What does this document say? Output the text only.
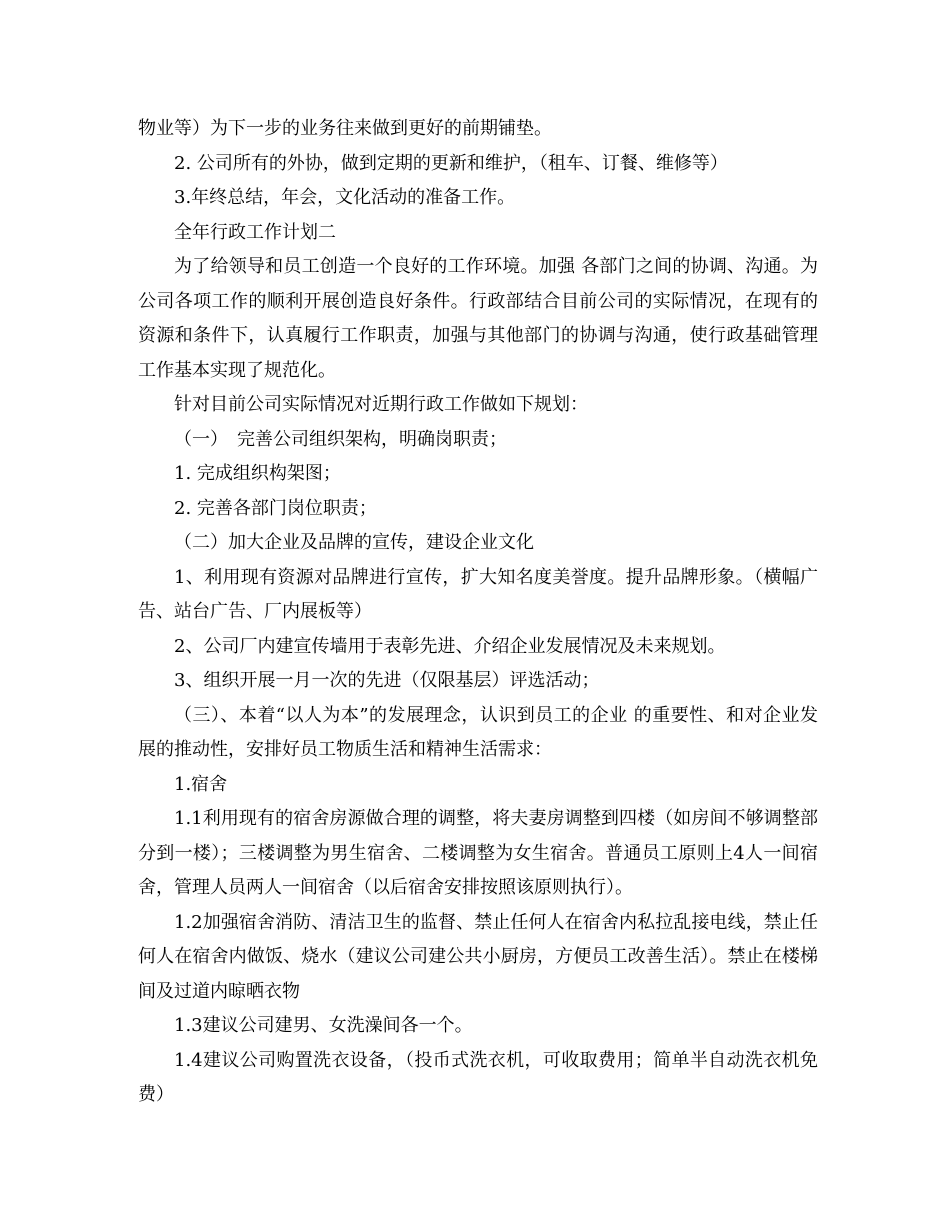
物业等）为下一步的业务往来做到更好的前期铺垫。

2. 公司所有的外协，做到定期的更新和维护，（租车、订餐、维修等）

3.年终总结，年会，文化活动的准备工作。

全年行政工作计划二

为了给领导和员工创造一个良好的工作环境。加强 各部门之间的协调、沟通。为公司各项工作的顺利开展创造良好条件。行政部结合目前公司的实际情况，在现有的资源和条件下，认真履行工作职责，加强与其他部门的协调与沟通，使行政基础管理工作基本实现了规范化。

针对目前公司实际情况对近期行政工作做如下规划：

（一）　完善公司组织架构，明确岗职责；

1. 完成组织构架图；

2. 完善各部门岗位职责；

（二）加大企业及品牌的宣传，建设企业文化

1、利用现有资源对品牌进行宣传，扩大知名度美誉度。提升品牌形象。（横幅广告、站台广告、厂内展板等）

2、公司厂内建宣传墙用于表彰先进、介绍企业发展情况及未来规划。

3、组织开展一月一次的先进（仅限基层）评选活动；

（三）、本着“以人为本”的发展理念，认识到员工的企业 的重要性、和对企业发展的推动性，安排好员工物质生活和精神生活需求：

1.宿舍

1.1利用现有的宿舍房源做合理的调整，将夫妻房调整到四楼（如房间不够调整部分到一楼）；三楼调整为男生宿舍、二楼调整为女生宿舍。普通员工原则上4人一间宿舍，管理人员两人一间宿舍（以后宿舍安排按照该原则执行）。

1.2加强宿舍消防、清洁卫生的监督、禁止任何人在宿舍内私拉乱接电线，禁止任何人在宿舍内做饭、烧水（建议公司建公共小厨房，方便员工改善生活）。禁止在楼梯间及过道内晾晒衣物

1.3建议公司建男、女洗澡间各一个。

1.4建议公司购置洗衣设备，（投币式洗衣机，可收取费用；简单半自动洗衣机免费）
